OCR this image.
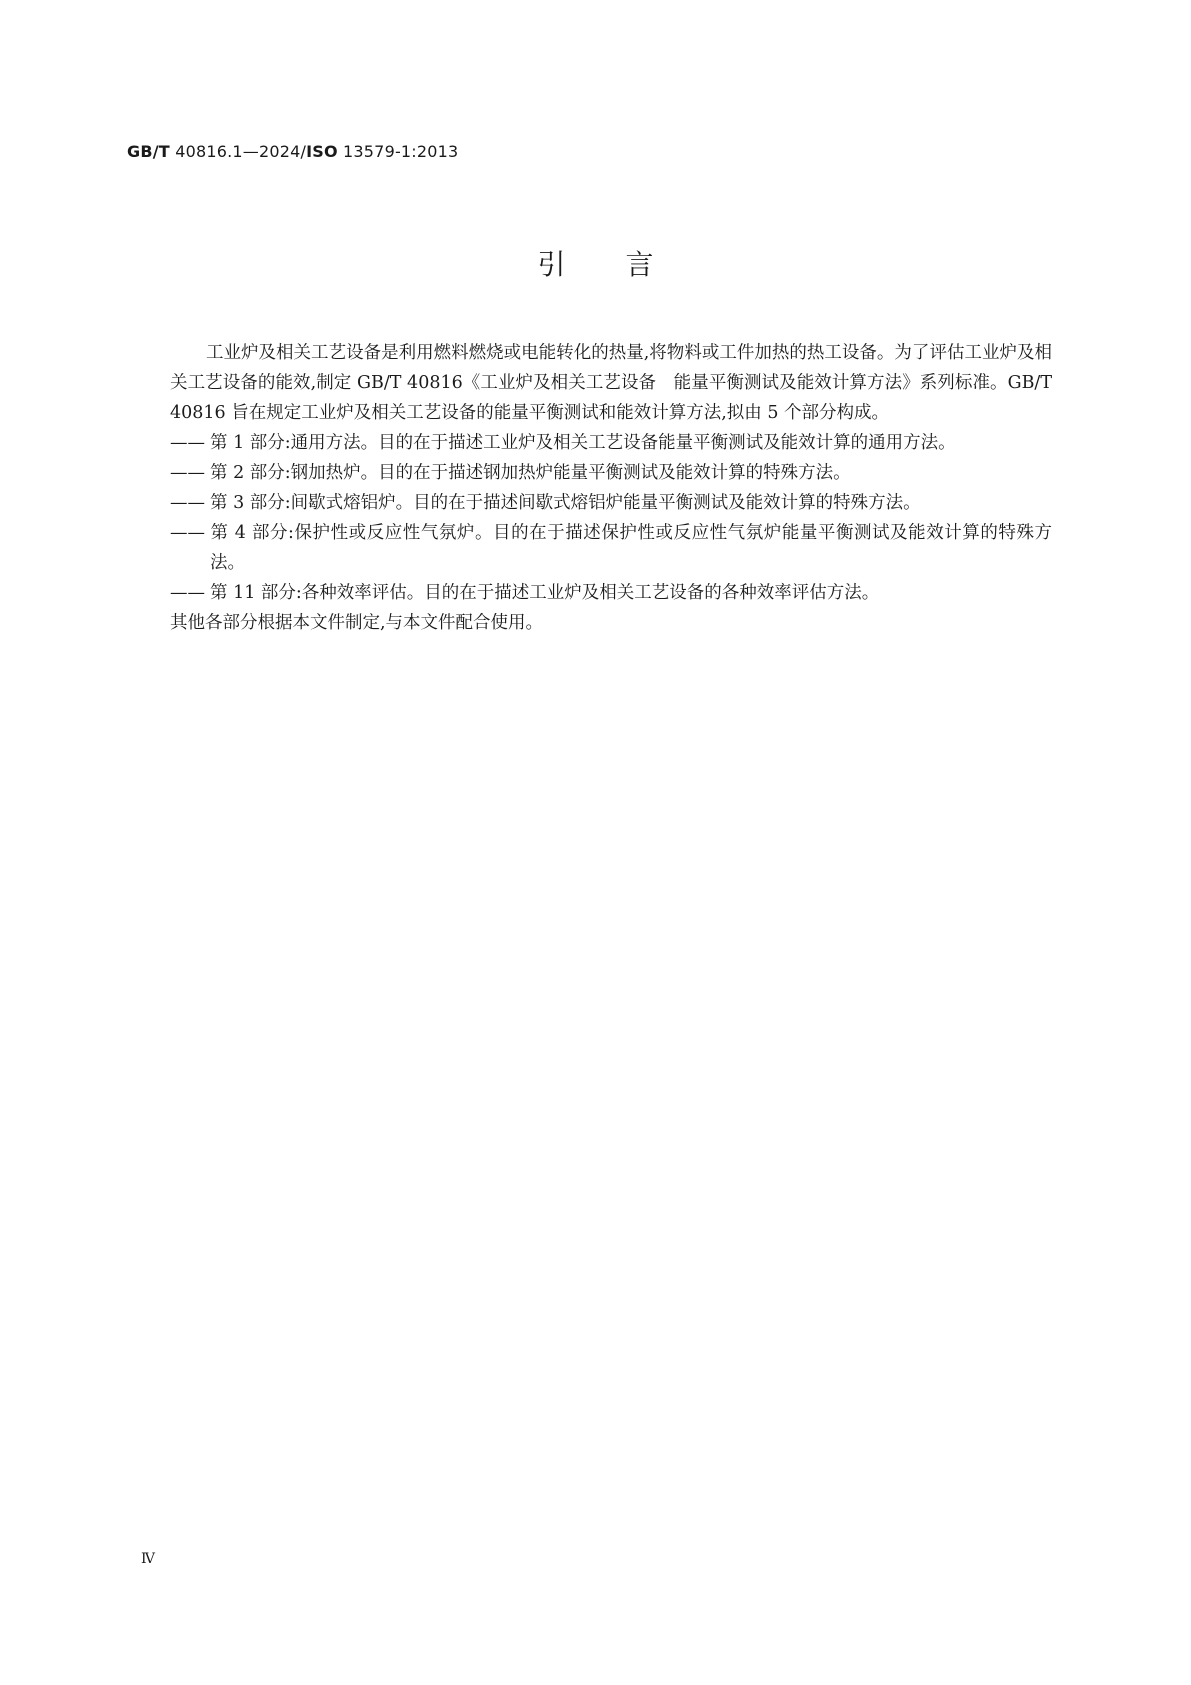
GB/T 40816.1—2024/ISO 13579-1:2013
引言

工业炉及相关工艺设备是利用燃料燃烧或电能转化的热量,将物料或工件加热的热工设备。为了评估工业炉及相关工艺设备的能效,制定 GB/T 40816《工业炉及相关工艺设备　能量平衡测试及能效计算方法》系列标准。GB/T 40816 旨在规定工业炉及相关工艺设备的能量平衡测试和能效计算方法,拟由 5 个部分构成。

—— 第 1 部分:通用方法。目的在于描述工业炉及相关工艺设备能量平衡测试及能效计算的通用方法。

—— 第 2 部分:钢加热炉。目的在于描述钢加热炉能量平衡测试及能效计算的特殊方法。

—— 第 3 部分:间歇式熔铝炉。目的在于描述间歇式熔铝炉能量平衡测试及能效计算的特殊方法。

—— 第 4 部分:保护性或反应性气氛炉。目的在于描述保护性或反应性气氛炉能量平衡测试及能效计算的特殊方法。

—— 第 11 部分:各种效率评估。目的在于描述工业炉及相关工艺设备的各种效率评估方法。

其他各部分根据本文件制定,与本文件配合使用。

Ⅳ
